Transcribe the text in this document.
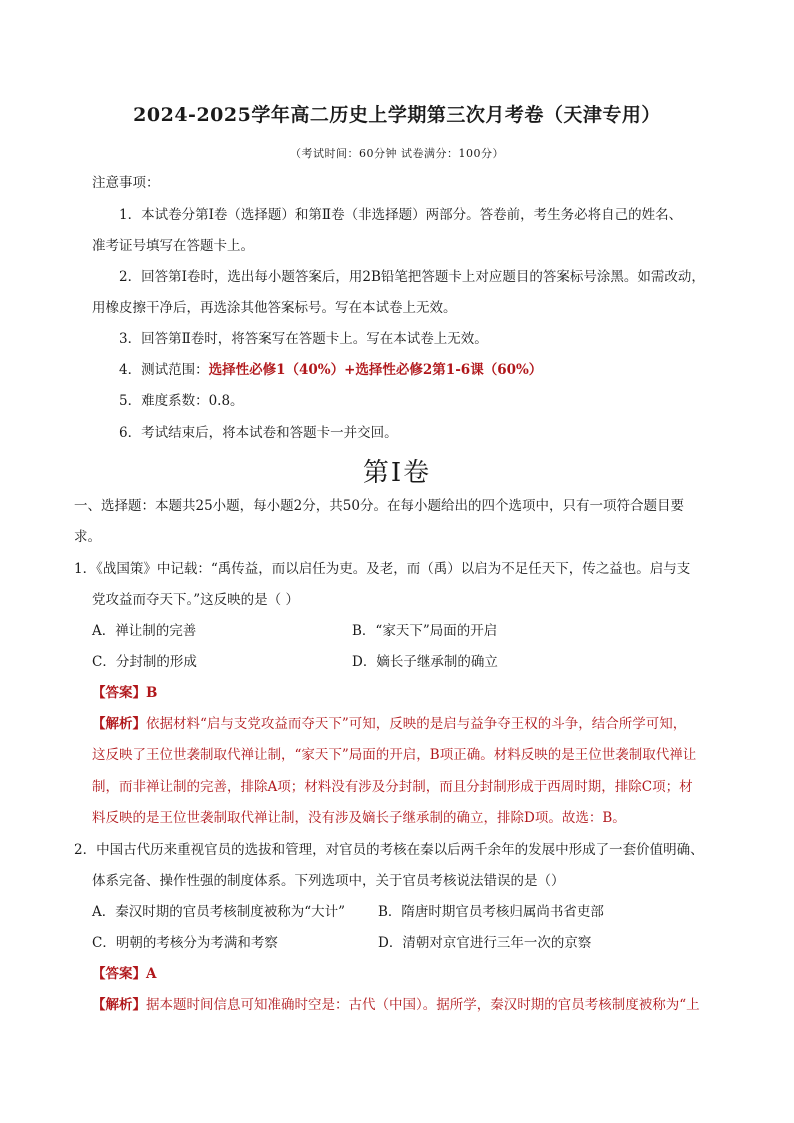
2024-2025学年高二历史上学期第三次月考卷（天津专用）
（考试时间：60分钟 试卷满分：100分）
注意事项：
1．本试卷分第Ⅰ卷（选择题）和第Ⅱ卷（非选择题）两部分。答卷前，考生务必将自己的姓名、
准考证号填写在答题卡上。
2．回答第Ⅰ卷时，选出每小题答案后，用2B铅笔把答题卡上对应题目的答案标号涂黑。如需改动，
用橡皮擦干净后，再选涂其他答案标号。写在本试卷上无效。
3．回答第Ⅱ卷时，将答案写在答题卡上。写在本试卷上无效。
4．测试范围：选择性必修1（40%）+选择性必修2第1-6课（60%）
5．难度系数：0.8。
6．考试结束后，将本试卷和答题卡一并交回。
第Ⅰ卷
一、选择题：本题共25小题，每小题2分，共50分。在每小题给出的四个选项中，只有一项符合题目要
求。
1．《战国策》中记载：“禹传益，而以启任为吏。及老，而（禹）以启为不足任天下，传之益也。启与支
党攻益而夺天下。”这反映的是（ ）
A．禅让制的完善	B．“家天下”局面的开启
C．分封制的形成	D．嫡长子继承制的确立
【答案】B
【解析】依据材料“启与支党攻益而夺天下”可知，反映的是启与益争夺王权的斗争，结合所学可知，
这反映了王位世袭制取代禅让制，“家天下”局面的开启，B项正确。材料反映的是王位世袭制取代禅让
制，而非禅让制的完善，排除A项；材料没有涉及分封制，而且分封制形成于西周时期，排除C项；材
料反映的是王位世袭制取代禅让制，没有涉及嫡长子继承制的确立，排除D项。故选：B。
2．中国古代历来重视官员的选拔和管理，对官员的考核在秦以后两千余年的发展中形成了一套价值明确、
体系完备、操作性强的制度体系。下列选项中，关于官员考核说法错误的是（）
A．秦汉时期的官员考核制度被称为“大计” B．隋唐时期官员考核归属尚书省吏部
C．明朝的考核分为考满和考察	D．清朝对京官进行三年一次的京察
【答案】A
【解析】据本题时间信息可知准确时空是：古代（中国）。据所学，秦汉时期的官员考核制度被称为“上
